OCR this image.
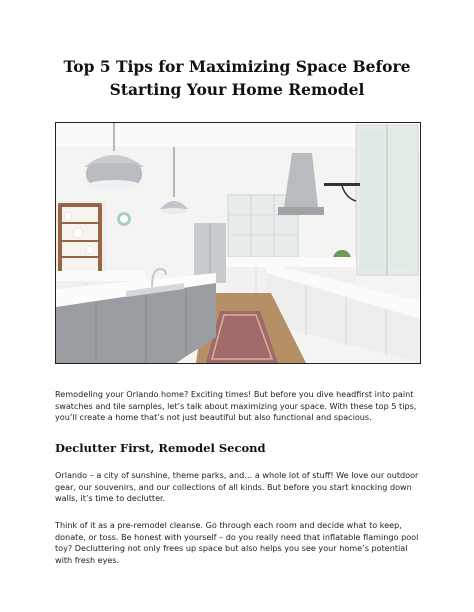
Top 5 Tips for Maximizing Space Before
Starting Your Home Remodel

Remodeling your Orlando home? Exciting times! But before you dive headfirst into paint swatches and tile samples, let’s talk about maximizing your space. With these top 5 tips, you’ll create a home that’s not just beautiful but also functional and spacious.

Declutter First, Remodel Second

Orlando – a city of sunshine, theme parks, and… a whole lot of stuff! We love our outdoor gear, our souvenirs, and our collections of all kinds. But before you start knocking down walls, it’s time to declutter.

Think of it as a pre-remodel cleanse. Go through each room and decide what to keep, donate, or toss. Be honest with yourself – do you really need that inflatable flamingo pool toy? Decluttering not only frees up space but also helps you see your home’s potential with fresh eyes.
